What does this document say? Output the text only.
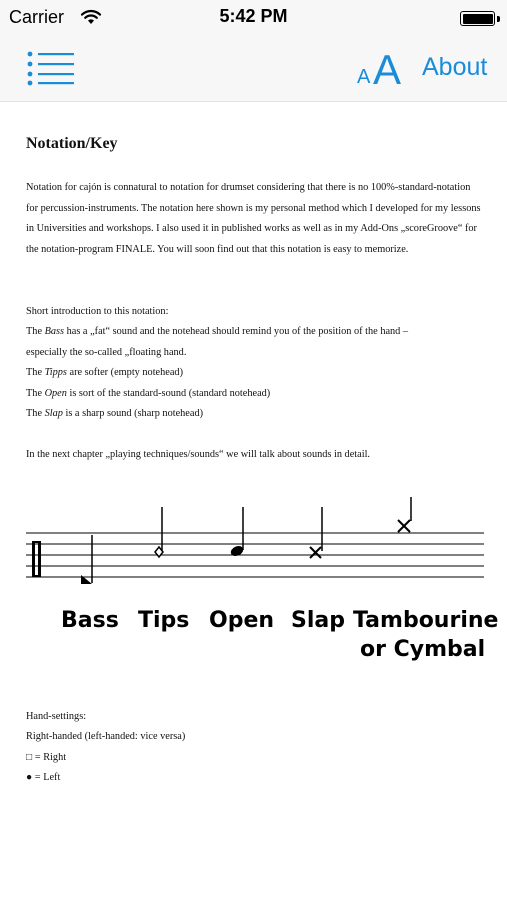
Carrier	5:42 PM
A A About
Notation/Key

Notation for cajón is connatural to notation for drumset considering that there is no 100%-standard-notation for percussion-instruments. The notation here shown is my personal method which I developed for my lessons in Universities and workshops. I also used it in published works as well as in my Add-Ons „scoreGroove“ for the notation-program FINALE. You will soon find out that this notation is easy to memorize.

Short introduction to this notation:
The Bass has a „fat“ sound and the notehead should remind you of the position of the hand –
especially the so-called „floating hand.
The Tipps are softer (empty notehead)
The Open is sort of the standard-sound (standard notehead)
The Slap is a sharp sound (sharp notehead)
In the next chapter „playing techniques/sounds“ we will talk about sounds in detail.
Hand-settings:
Right-handed (left-handed: vice versa)
□ = Right
● = Left
Bass Tips Open Slap Tambourine
or Cymbal
